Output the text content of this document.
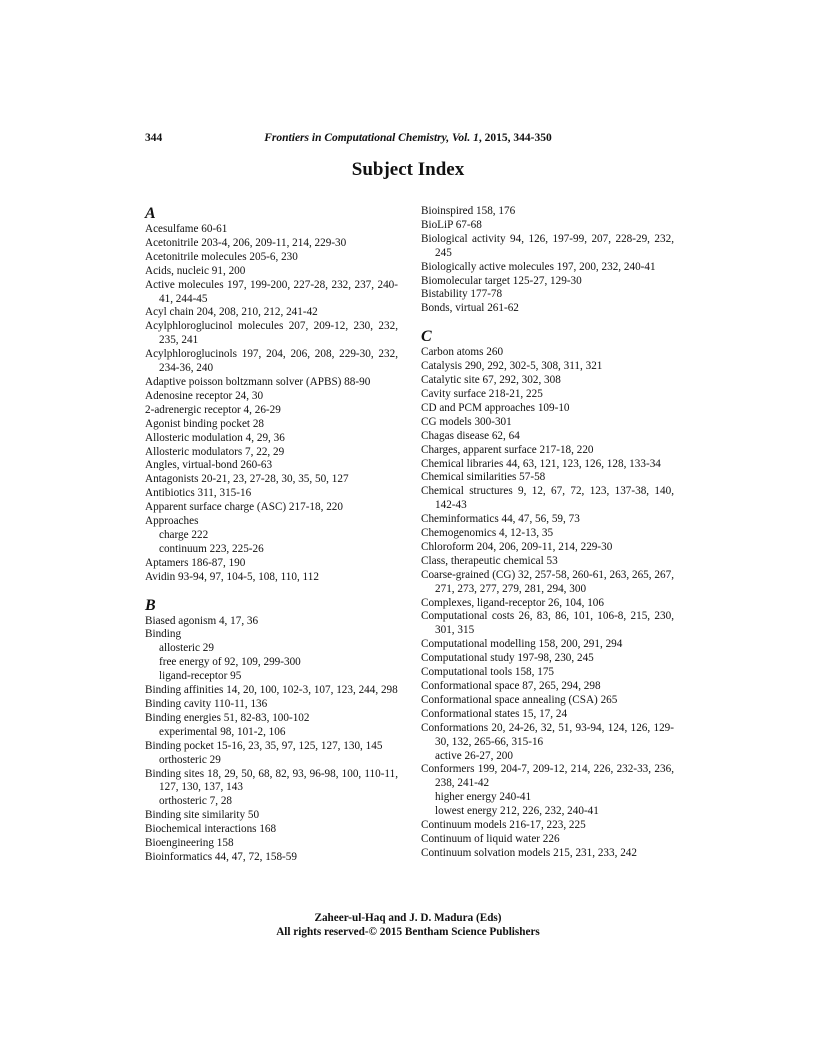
344	Frontiers in Computational Chemistry, Vol. 1, 2015, 344-350
Subject Index
A
Acesulfame 60-61
Acetonitrile 203-4, 206, 209-11, 214, 229-30
Acetonitrile molecules 205-6, 230
Acids, nucleic 91, 200
Active molecules 197, 199-200, 227-28, 232, 237, 240-41, 244-45
Acyl chain 204, 208, 210, 212, 241-42
Acylphloroglucinol molecules 207, 209-12, 230, 232, 235, 241
Acylphloroglucinols 197, 204, 206, 208, 229-30, 232, 234-36, 240
Adaptive poisson boltzmann solver (APBS) 88-90
Adenosine receptor 24, 30
2-adrenergic receptor 4, 26-29
Agonist binding pocket 28
Allosteric modulation 4, 29, 36
Allosteric modulators 7, 22, 29
Angles, virtual-bond 260-63
Antagonists 20-21, 23, 27-28, 30, 35, 50, 127
Antibiotics 311, 315-16
Apparent surface charge (ASC) 217-18, 220
Approaches
charge 222
continuum 223, 225-26
Aptamers 186-87, 190
Avidin 93-94, 97, 104-5, 108, 110, 112
B
Biased agonism 4, 17, 36
Binding
allosteric 29
free energy of 92, 109, 299-300
ligand-receptor 95
Binding affinities 14, 20, 100, 102-3, 107, 123, 244, 298
Binding cavity 110-11, 136
Binding energies 51, 82-83, 100-102
experimental 98, 101-2, 106
Binding pocket 15-16, 23, 35, 97, 125, 127, 130, 145
orthosteric 29
Binding sites 18, 29, 50, 68, 82, 93, 96-98, 100, 110-11, 127, 130, 137, 143
orthosteric 7, 28
Binding site similarity 50
Biochemical interactions 168
Bioengineering 158
Bioinformatics 44, 47, 72, 158-59
Bioinspired 158, 176
BioLiP 67-68
Biological activity 94, 126, 197-99, 207, 228-29, 232, 245
Biologically active molecules 197, 200, 232, 240-41
Biomolecular target 125-27, 129-30
Bistability 177-78
Bonds, virtual 261-62
C
Carbon atoms 260
Catalysis 290, 292, 302-5, 308, 311, 321
Catalytic site 67, 292, 302, 308
Cavity surface 218-21, 225
CD and PCM approaches 109-10
CG models 300-301
Chagas disease 62, 64
Charges, apparent surface 217-18, 220
Chemical libraries 44, 63, 121, 123, 126, 128, 133-34
Chemical similarities 57-58
Chemical structures 9, 12, 67, 72, 123, 137-38, 140, 142-43
Cheminformatics 44, 47, 56, 59, 73
Chemogenomics 4, 12-13, 35
Chloroform 204, 206, 209-11, 214, 229-30
Class, therapeutic chemical 53
Coarse-grained (CG) 32, 257-58, 260-61, 263, 265, 267, 271, 273, 277, 279, 281, 294, 300
Complexes, ligand-receptor 26, 104, 106
Computational costs 26, 83, 86, 101, 106-8, 215, 230, 301, 315
Computational modelling 158, 200, 291, 294
Computational study 197-98, 230, 245
Computational tools 158, 175
Conformational space 87, 265, 294, 298
Conformational space annealing (CSA) 265
Conformational states 15, 17, 24
Conformations 20, 24-26, 32, 51, 93-94, 124, 126, 129-30, 132, 265-66, 315-16
active 26-27, 200
Conformers 199, 204-7, 209-12, 214, 226, 232-33, 236, 238, 241-42
higher energy 240-41
lowest energy 212, 226, 232, 240-41
Continuum models 216-17, 223, 225
Continuum of liquid water 226
Continuum solvation models 215, 231, 233, 242
Zaheer-ul-Haq and J. D. Madura (Eds)
All rights reserved-© 2015 Bentham Science Publishers
